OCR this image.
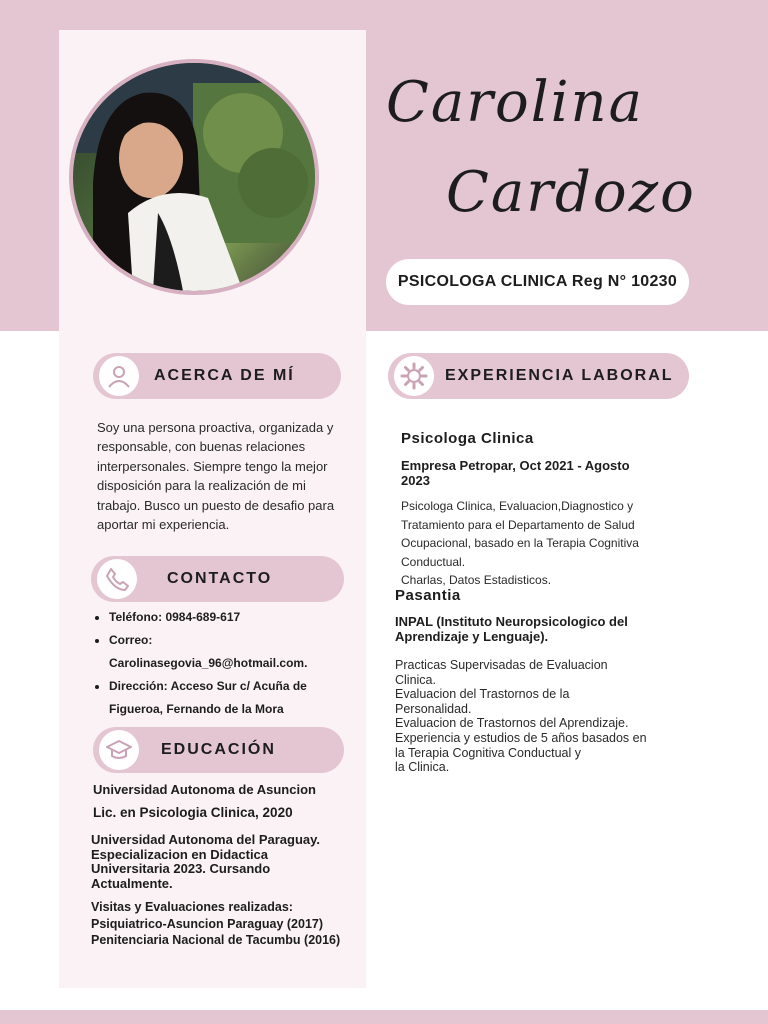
Carolina
Cardozo
PSICOLOGA CLINICA Reg N° 10230
ACERCA DE MÍ
Soy una persona proactiva, organizada y responsable, con buenas relaciones interpersonales. Siempre tengo la mejor disposición para la realización de mi trabajo. Busco un puesto de desafio para aportar mi experiencia.
CONTACTO
• Teléfono: 0984-689-617
• Correo:
Carolinasegovia_96@hotmail.com.
• Dirección: Acceso Sur c/ Acuña de
Figueroa, Fernando de la Mora
EDUCACIÓN
Universidad Autonoma de Asuncion
Lic. en Psicologia Clinica, 2020
Universidad Autonoma del Paraguay.
Especializacion en Didactica
Universitaria 2023. Cursando
Actualmente.
Visitas y Evaluaciones realizadas:
Psiquiatrico-Asuncion Paraguay (2017)
Penitenciaria Nacional de Tacumbu (2016)
EXPERIENCIA LABORAL
Psicologa Clinica
Empresa Petropar, Oct 2021 - Agosto
2023
Psicologa Clinica, Evaluacion,Diagnostico y
Tratamiento para el Departamento de Salud
Ocupacional, basado en la Terapia Cognitiva
Conductual.
Charlas, Datos Estadisticos.
Pasantia
INPAL (Instituto Neuropsicologico del
Aprendizaje y Lenguaje).
Practicas Supervisadas de Evaluacion
Clinica.
Evaluacion del Trastornos de la
Personalidad.
Evaluacion de Trastornos del Aprendizaje.
Experiencia y estudios de 5 años basados en
la Terapia Cognitiva Conductual y
la Clinica.
